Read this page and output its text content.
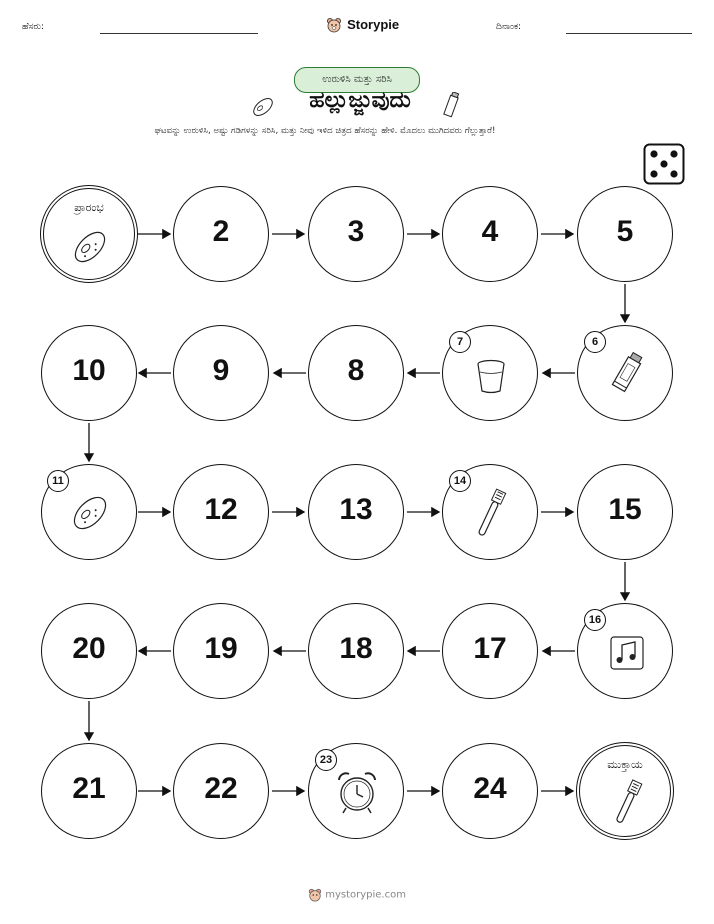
ಹೆಸರು:	Storypie	ದಿನಾಂಕ:
ಉರುಳಿಸಿ ಮತ್ತು ಸರಿಸಿ
ಹಲ್ಲುಜ್ಜುವುದು
ಘಟವನ್ನು ಉರುಳಿಸಿ, ಅಷ್ಟು ಗಡಿಗಳನ್ನು ಸರಿಸಿ, ಮತ್ತು ನೀವು ಇಳಿದ ಚಿತ್ರದ ಹೆಸರನ್ನು ಹೇಳಿ. ಮೊದಲು ಮುಗಿದವರು ಗೆಲ್ಲುತ್ತಾರೆ!
ಪ್ರಾರಂಭ
2	3	4	5
10	9	8
7	6
11
12	13
14
15
20	19	18	17
16
21	22
23
24
ಮುಕ್ತಾಯ
mystorypie.com
